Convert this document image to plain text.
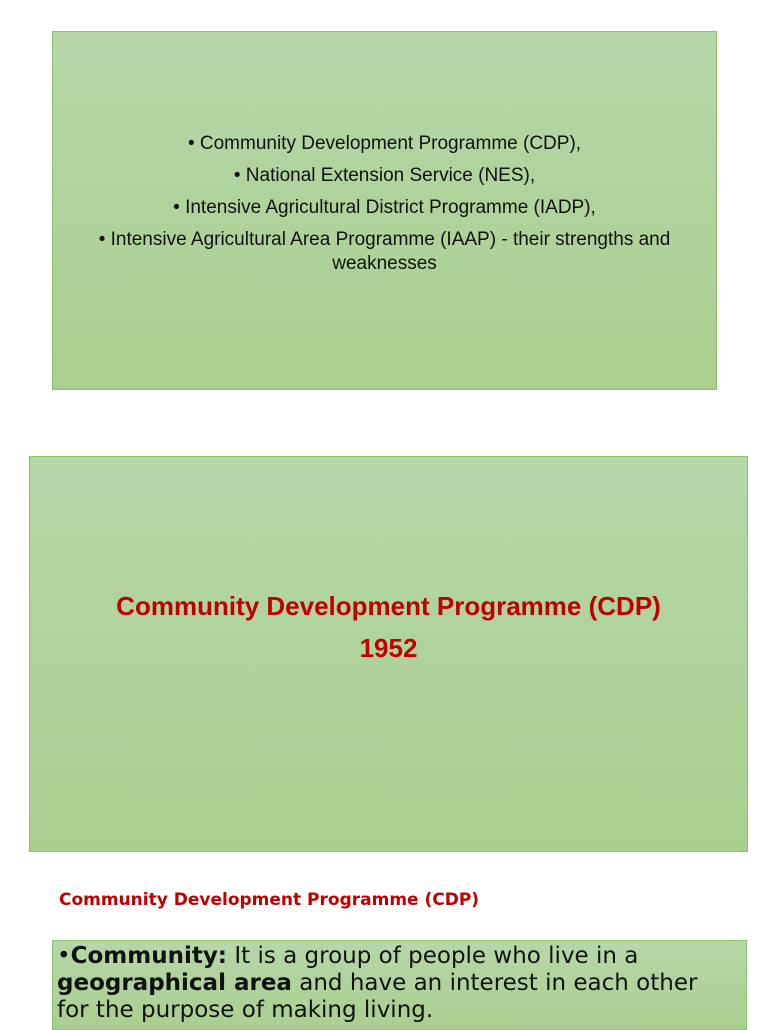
• Community Development Programme (CDP),
• National Extension Service (NES),
• Intensive Agricultural District Programme (IADP),
• Intensive Agricultural Area Programme (IAAP) - their strengths and weaknesses
Community Development Programme (CDP)
1952
Community Development Programme (CDP)
•Community: It is a group of people who live in a geographical area and have an interest in each other for the purpose of making living.
